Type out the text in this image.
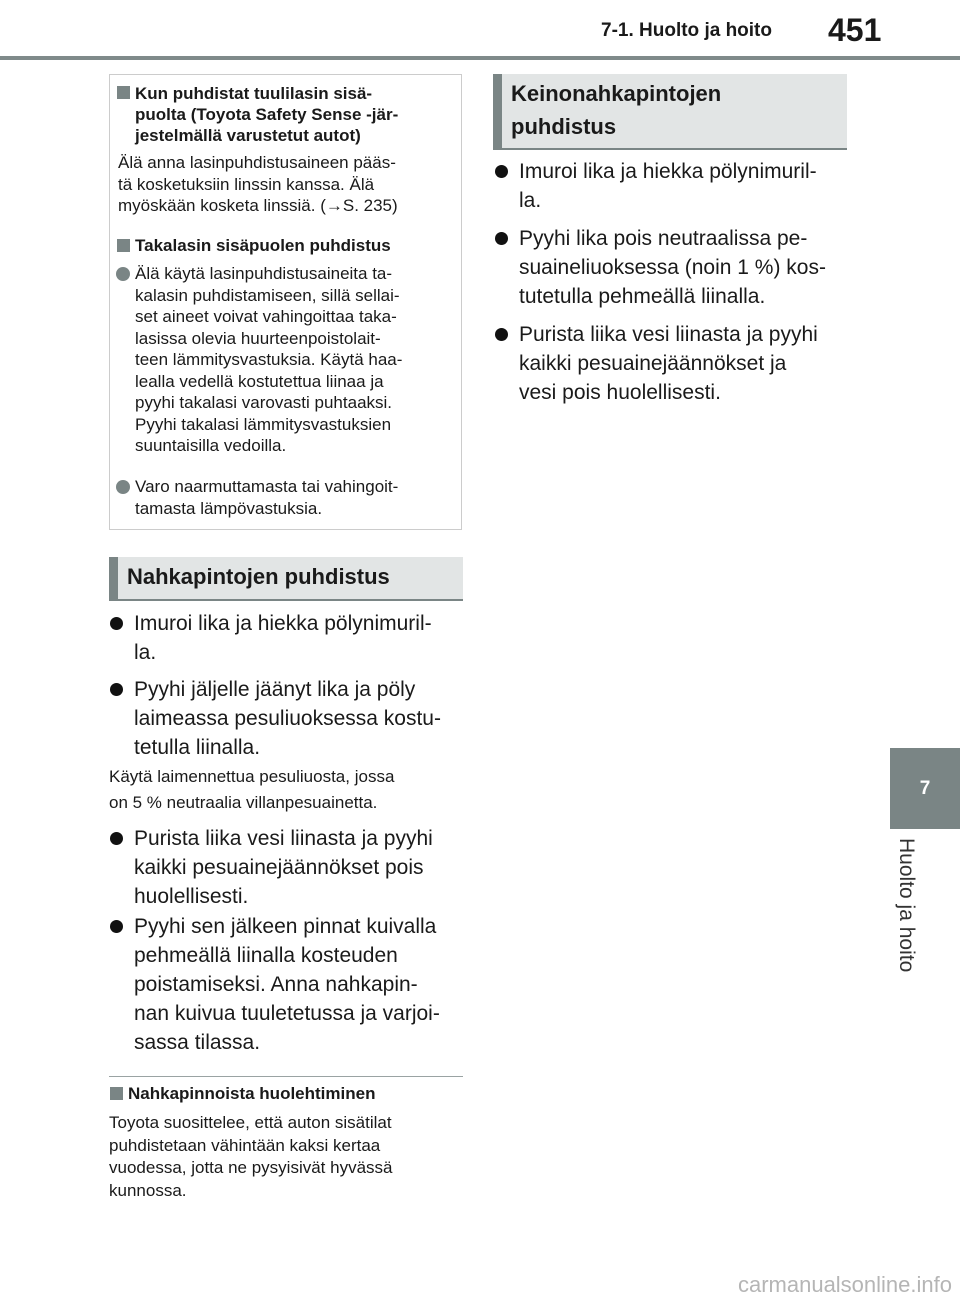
7-1. Huolto ja hoito 451
7
Huolto ja hoito
Kun puhdistat tuulilasin sisä-
puolta (Toyota Safety Sense -jär-
jestelmällä varustetut autot)
Älä anna lasinpuhdistusaineen pääs-
tä kosketuksiin linssin kanssa. Älä
myöskään kosketa linssiä. (→S. 235)
Takalasin sisäpuolen puhdistus
Älä käytä lasinpuhdistusaineita ta-
kalasin puhdistamiseen, sillä sellai-
set aineet voivat vahingoittaa taka-
lasissa olevia huurteenpoistolait-
teen lämmitysvastuksia. Käytä haa-
lealla vedellä kostutettua liinaa ja
pyyhi takalasi varovasti puhtaaksi.
Pyyhi takalasi lämmitysvastuksien
suuntaisilla vedoilla.
Varo naarmuttamasta tai vahingoit-
tamasta lämpövastuksia.
Nahkapintojen puhdistus
Imuroi lika ja hiekka pölynimuril-
la.
Pyyhi jäljelle jäänyt lika ja pöly
laimeassa pesuliuoksessa kostu-
tetulla liinalla.
Käytä laimennettua pesuliuosta, jossa
on 5 % neutraalia villanpesuainetta.
Purista liika vesi liinasta ja pyyhi
kaikki pesuainejäännökset pois
huolellisesti.
Pyyhi sen jälkeen pinnat kuivalla
pehmeällä liinalla kosteuden
poistamiseksi. Anna nahkapin-
nan kuivua tuuletetussa ja varjoi-
sassa tilassa.
Nahkapinnoista huolehtiminen
Toyota suosittelee, että auton sisätilat
puhdistetaan vähintään kaksi kertaa
vuodessa, jotta ne pysyisivät hyvässä
kunnossa.
Keinonahkapintojen
puhdistus
Imuroi lika ja hiekka pölynimuril-
la.
Pyyhi lika pois neutraalissa pe-
suaineliuoksessa (noin 1 %) kos-
tutetulla pehmeällä liinalla.
Purista liika vesi liinasta ja pyyhi
kaikki pesuainejäännökset ja
vesi pois huolellisesti.
carmanualsonline.info
